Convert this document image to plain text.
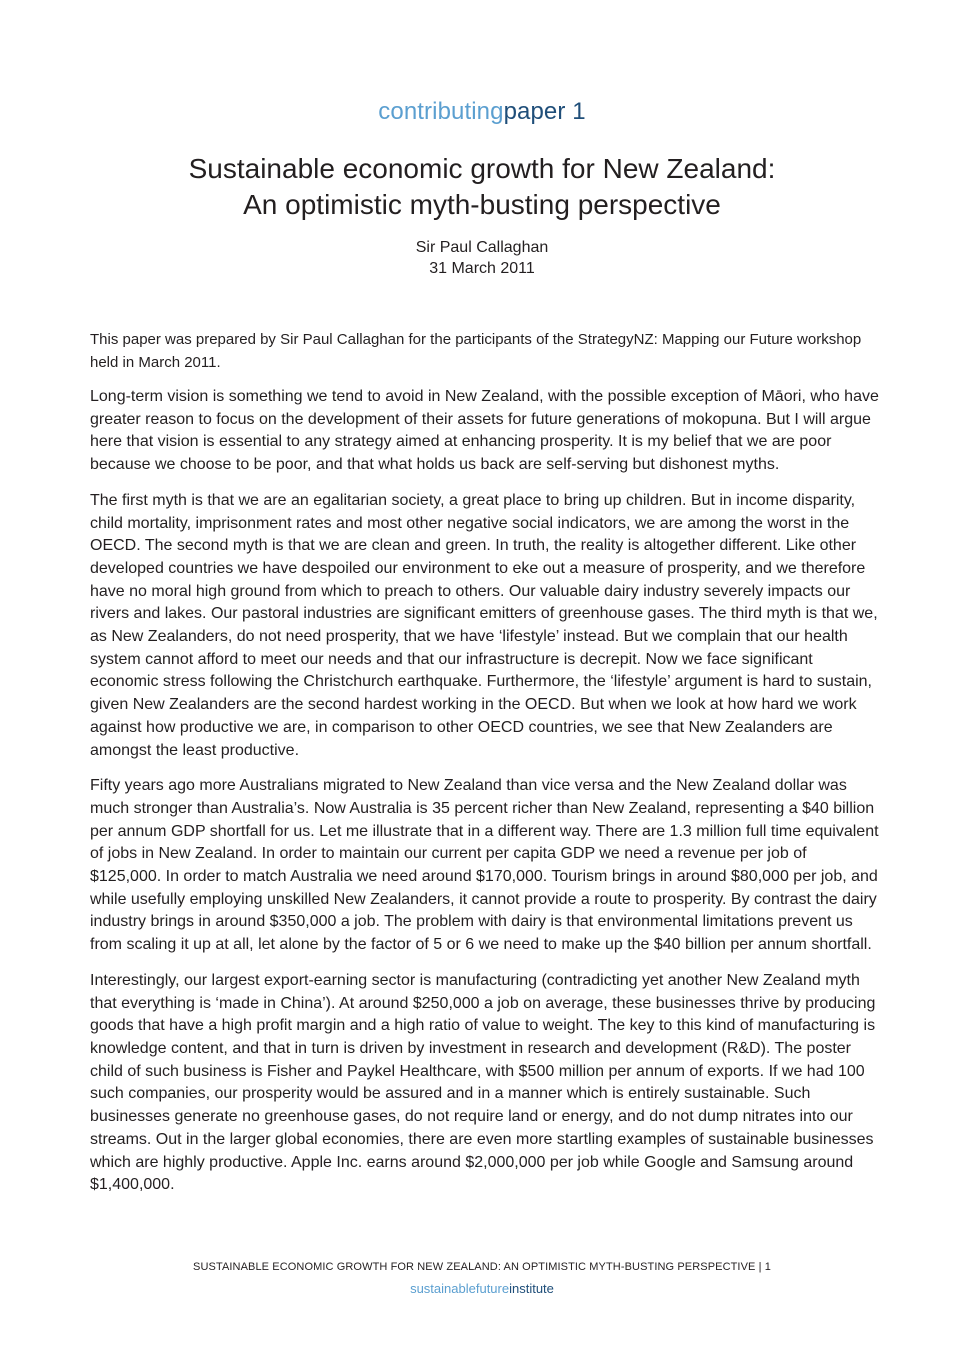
contributingpaper 1
Sustainable economic growth for New Zealand:
An optimistic myth-busting perspective
Sir Paul Callaghan
31 March 2011

This paper was prepared by Sir Paul Callaghan for the participants of the StrategyNZ: Mapping our Future workshop held in March 2011.

Long-term vision is something we tend to avoid in New Zealand, with the possible exception of Māori, who have greater reason to focus on the development of their assets for future generations of mokopuna. But I will argue here that vision is essential to any strategy aimed at enhancing prosperity. It is my belief that we are poor because we choose to be poor, and that what holds us back are self-serving but dishonest myths.

The first myth is that we are an egalitarian society, a great place to bring up children. But in income disparity, child mortality, imprisonment rates and most other negative social indicators, we are among the worst in the OECD. The second myth is that we are clean and green. In truth, the reality is altogether different. Like other developed countries we have despoiled our environment to eke out a measure of prosperity, and we therefore have no moral high ground from which to preach to others. Our valuable dairy industry severely impacts our rivers and lakes. Our pastoral industries are significant emitters of greenhouse gases. The third myth is that we, as New Zealanders, do not need prosperity, that we have ‘lifestyle’ instead. But we complain that our health system cannot afford to meet our needs and that our infrastructure is decrepit. Now we face significant economic stress following the Christchurch earthquake. Furthermore, the ‘lifestyle’ argument is hard to sustain, given New Zealanders are the second hardest working in the OECD. But when we look at how hard we work against how productive we are, in comparison to other OECD countries, we see that New Zealanders are amongst the least productive.

Fifty years ago more Australians migrated to New Zealand than vice versa and the New Zealand dollar was much stronger than Australia’s. Now Australia is 35 percent richer than New Zealand, representing a $40 billion per annum GDP shortfall for us. Let me illustrate that in a different way. There are 1.3 million full time equivalent of jobs in New Zealand. In order to maintain our current per capita GDP we need a revenue per job of $125,000. In order to match Australia we need around $170,000. Tourism brings in around $80,000 per job, and while usefully employing unskilled New Zealanders, it cannot provide a route to prosperity. By contrast the dairy industry brings in around $350,000 a job. The problem with dairy is that environmental limitations prevent us from scaling it up at all, let alone by the factor of 5 or 6 we need to make up the $40 billion per annum shortfall.

Interestingly, our largest export-earning sector is manufacturing (contradicting yet another New Zealand myth that everything is ‘made in China’). At around $250,000 a job on average, these businesses thrive by producing goods that have a high profit margin and a high ratio of value to weight. The key to this kind of manufacturing is knowledge content, and that in turn is driven by investment in research and development (R&D). The poster child of such business is Fisher and Paykel Healthcare, with $500 million per annum of exports. If we had 100 such companies, our prosperity would be assured and in a manner which is entirely sustainable. Such businesses generate no greenhouse gases, do not require land or energy, and do not dump nitrates into our streams. Out in the larger global economies, there are even more startling examples of sustainable businesses which are highly productive. Apple Inc. earns around $2,000,000 per job while Google and Samsung around $1,400,000.

SUSTAINABLE ECONOMIC GROWTH FOR NEW ZEALAND: AN OPTIMISTIC MYTH-BUSTING PERSPECTIVE | 1
sustainablefutureinstitute
